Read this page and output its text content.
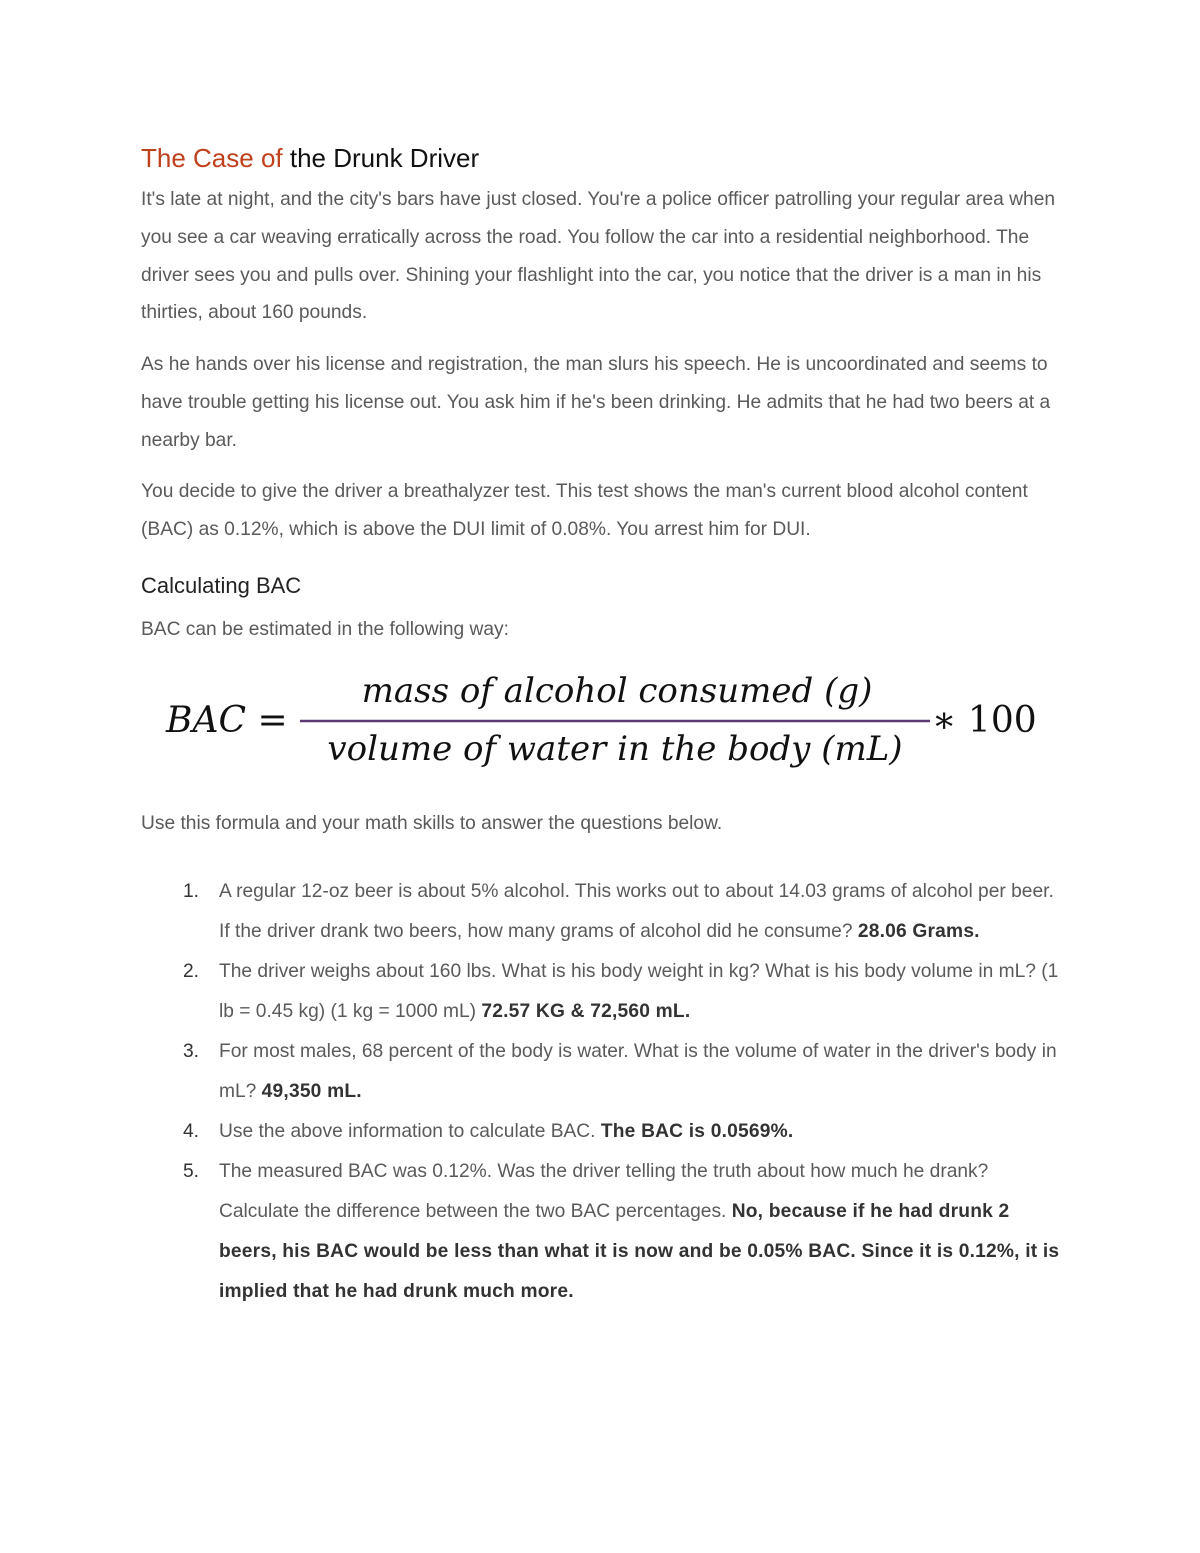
The Case of the Drunk Driver

It's late at night, and the city's bars have just closed. You're a police officer patrolling your regular area when you see a car weaving erratically across the road. You follow the car into a residential neighborhood. The driver sees you and pulls over. Shining your flashlight into the car, you notice that the driver is a man in his thirties, about 160 pounds.

As he hands over his license and registration, the man slurs his speech. He is uncoordinated and seems to have trouble getting his license out. You ask him if he's been drinking. He admits that he had two beers at a nearby bar.

You decide to give the driver a breathalyzer test. This test shows the man's current blood alcohol content (BAC) as 0.12%, which is above the DUI limit of 0.08%. You arrest him for DUI.

Calculating BAC

BAC can be estimated in the following way:

BAC =
mass of alcohol consumed (g)
volume of water in the body (mL)
∗ 100

Use this formula and your math skills to answer the questions below.

1. A regular 12-oz beer is about 5% alcohol. This works out to about 14.03 grams of alcohol per beer. If the driver drank two beers, how many grams of alcohol did he consume? 28.06 Grams.
2. The driver weighs about 160 lbs. What is his body weight in kg? What is his body volume in mL? (1 lb = 0.45 kg) (1 kg = 1000 mL) 72.57 KG & 72,560 mL.
3. For most males, 68 percent of the body is water. What is the volume of water in the driver's body in mL? 49,350 mL.
4. Use the above information to calculate BAC. The BAC is 0.0569%.
5. The measured BAC was 0.12%. Was the driver telling the truth about how much he drank? Calculate the difference between the two BAC percentages. No, because if he had drunk 2 beers, his BAC would be less than what it is now and be 0.05% BAC. Since it is 0.12%, it is implied that he had drunk much more.
